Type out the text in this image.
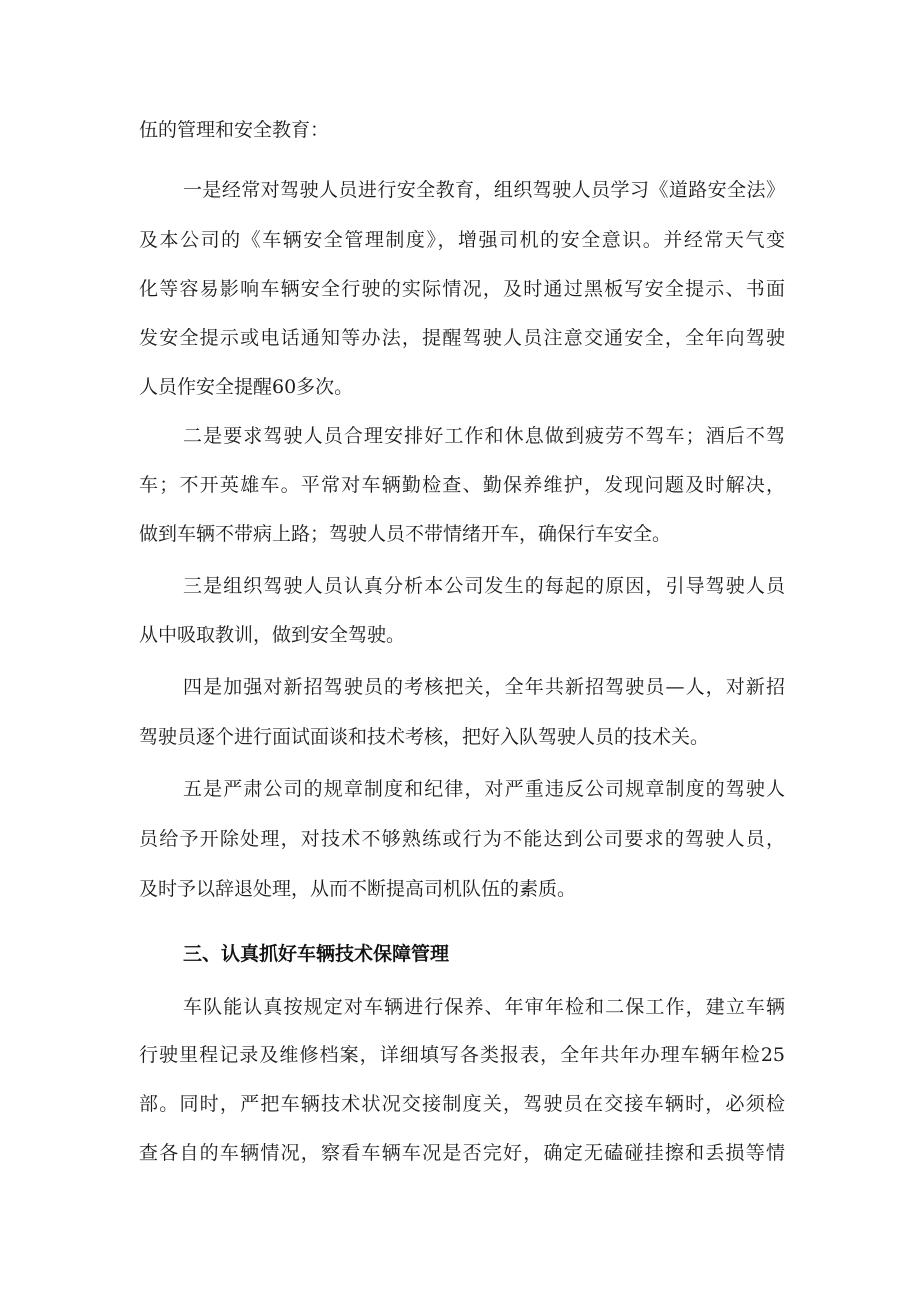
伍的管理和安全教育：
一是经常对驾驶人员进行安全教育，组织驾驶人员学习《道路安全法》
及本公司的《车辆安全管理制度》，增强司机的安全意识。并经常天气变
化等容易影响车辆安全行驶的实际情况，及时通过黑板写安全提示、书面
发安全提示或电话通知等办法，提醒驾驶人员注意交通安全，全年向驾驶
人员作安全提醒60多次。
二是要求驾驶人员合理安排好工作和休息做到疲劳不驾车；酒后不驾
车；不开英雄车。平常对车辆勤检查、勤保养维护，发现问题及时解决，
做到车辆不带病上路；驾驶人员不带情绪开车，确保行车安全。
三是组织驾驶人员认真分析本公司发生的每起的原因，引导驾驶人员
从中吸取教训，做到安全驾驶。
四是加强对新招驾驶员的考核把关，全年共新招驾驶员—人，对新招
驾驶员逐个进行面试面谈和技术考核，把好入队驾驶人员的技术关。
五是严肃公司的规章制度和纪律，对严重违反公司规章制度的驾驶人
员给予开除处理，对技术不够熟练或行为不能达到公司要求的驾驶人员，
及时予以辞退处理，从而不断提高司机队伍的素质。
三、认真抓好车辆技术保障管理
车队能认真按规定对车辆进行保养、年审年检和二保工作，建立车辆
行驶里程记录及维修档案，详细填写各类报表，全年共年办理车辆年检25
部。同时，严把车辆技术状况交接制度关，驾驶员在交接车辆时，必须检
查各自的车辆情况，察看车辆车况是否完好，确定无磕碰挂擦和丢损等情
